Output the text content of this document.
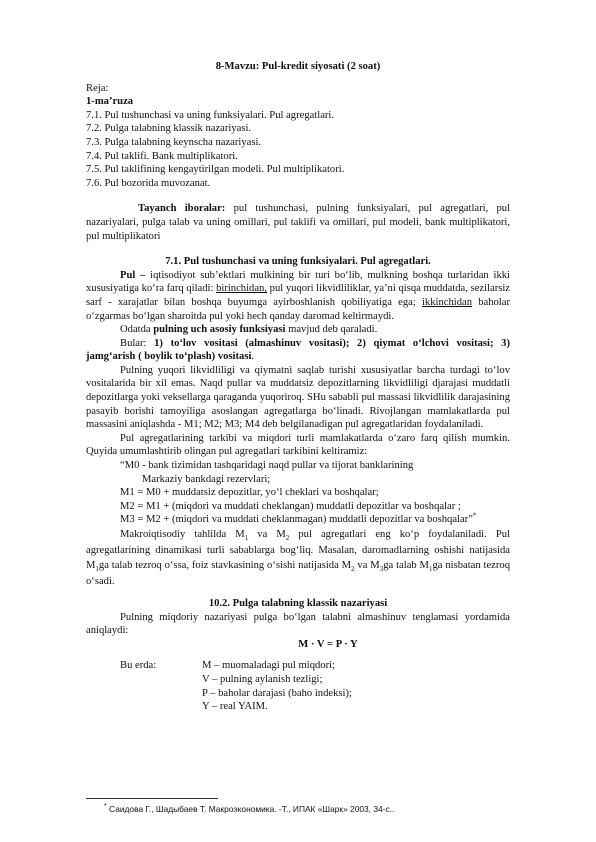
8-Mavzu: Pul-kredit siyosati (2 soat)

Reja:

1-ma’ruza

7.1. Pul tushunchasi va uning funksiyalari. Pul agregatlari.

7.2. Pulga talabning klassik nazariyasi.

7.3. Pulga talabning keynscha nazariyasi.

7.4. Pul taklifi. Bank multiplikatori.

7.5. Pul taklifining kengaytirilgan modeli. Pul multiplikatori.

7.6. Pul bozorida muvozanat.

Tayanch iboralar: pul tushunchasi, pulning funksiyalari, pul agregatlari, pul nazariyalari, pulga talab va uning omillari, pul taklifi va omillari, pul modeli, bank multiplikatori, pul multiplikatori

7.1. Pul tushunchasi va uning funksiyalari. Pul agregatlari.

Pul – iqtisodiyot sub’ektlari mulkining bir turi bo‘lib, mulkning boshqa turlaridan ikki xususiyatiga ko‘ra farq qiladi: birinchidan, pul yuqori likvidliliklar, ya’ni qisqa muddatda, sezilarsiz sarf - xarajatlar bilan boshqa buyumga ayirboshlanish qobiliyatiga ega; ikkinchidan baholar o‘zgarmas bo‘lgan sharoitda pul yoki hech qanday daromad keltirmaydi.

Odatda pulning uch asosiy funksiyasi mavjud deb qaraladi.

Bular: 1) to‘lov vositasi (almashinuv vositasi); 2) qiymat o‘lchovi vositasi; 3) jamg‘arish ( boylik to‘plash) vositasi.

Pulning yuqori likvidliligi va qiymatni saqlab turishi xususiyatlar barcha turdagi to‘lov vositalarida bir xil emas. Naqd pullar va muddatsiz depozitlarning likvidliligi djarajasi muddatli depozitlarga yoki veksellarga qaraganda yuqoriroq. SHu sababli pul massasi likvidlilik darajasining pasayib borishi tamoyiliga asoslangan agregatlarga bo‘linadi. Rivojlangan mamlakatlarda pul massasini aniqlashda - M1; M2; M3; M4 deb belgilanadigan pul agregatlaridan foydalaniladi.

Pul agregatlarining tarkibi va miqdori turli mamlakatlarda o‘zaro farq qilish mumkin. Quyida umumlashtirib olingan pul agregatlari tarkibini keltiramiz:

“M0 - bank tizimidan tashqaridagi naqd pullar va tijorat banklarining

Markaziy bankdagi rezervlari;

M1 = M0 + muddatsiz depozitlar, yo‘l cheklari va boshqalar;

M2 = M1 + (miqdori va muddati cheklangan) muddatli depozitlar va boshqalar ;

M3 = M2 + (miqdori va muddati cheklanmagan) muddatli depozitlar va boshqalar”*

Makroiqtisodiy tahlilda $M_1$ va $M_2$ pul agregatlari eng ko‘p foydalaniladi. Pul agregatlarining dinamikasi turli sabablarga bog‘liq. Masalan, daromadlarning oshishi natijasida $M_1ga$ talab tezroq o‘ssa, foiz stavkasining o‘sishi natijasida $M_2$ va $M_3ga$ talab $M_1ga$ nisbatan tezroq o‘sadi.

10.2. Pulga talabning klassik nazariyasi

Pulning miqdoriy nazariyasi pulga bo‘lgan talabni almashinuv tenglamasi yordamida aniqlaydi:

M · V = P · Y

Bu erda:	M – muomaladagi pul miqdori;

V – pulning aylanish tezligi;

P – baholar darajasi (baho indeksi);

Y – real YAIM.

* Саидова Г., Шадыбаев Т. Макроэкономика. -Т., ИПАК «Шарк» 2003, 34-с..
